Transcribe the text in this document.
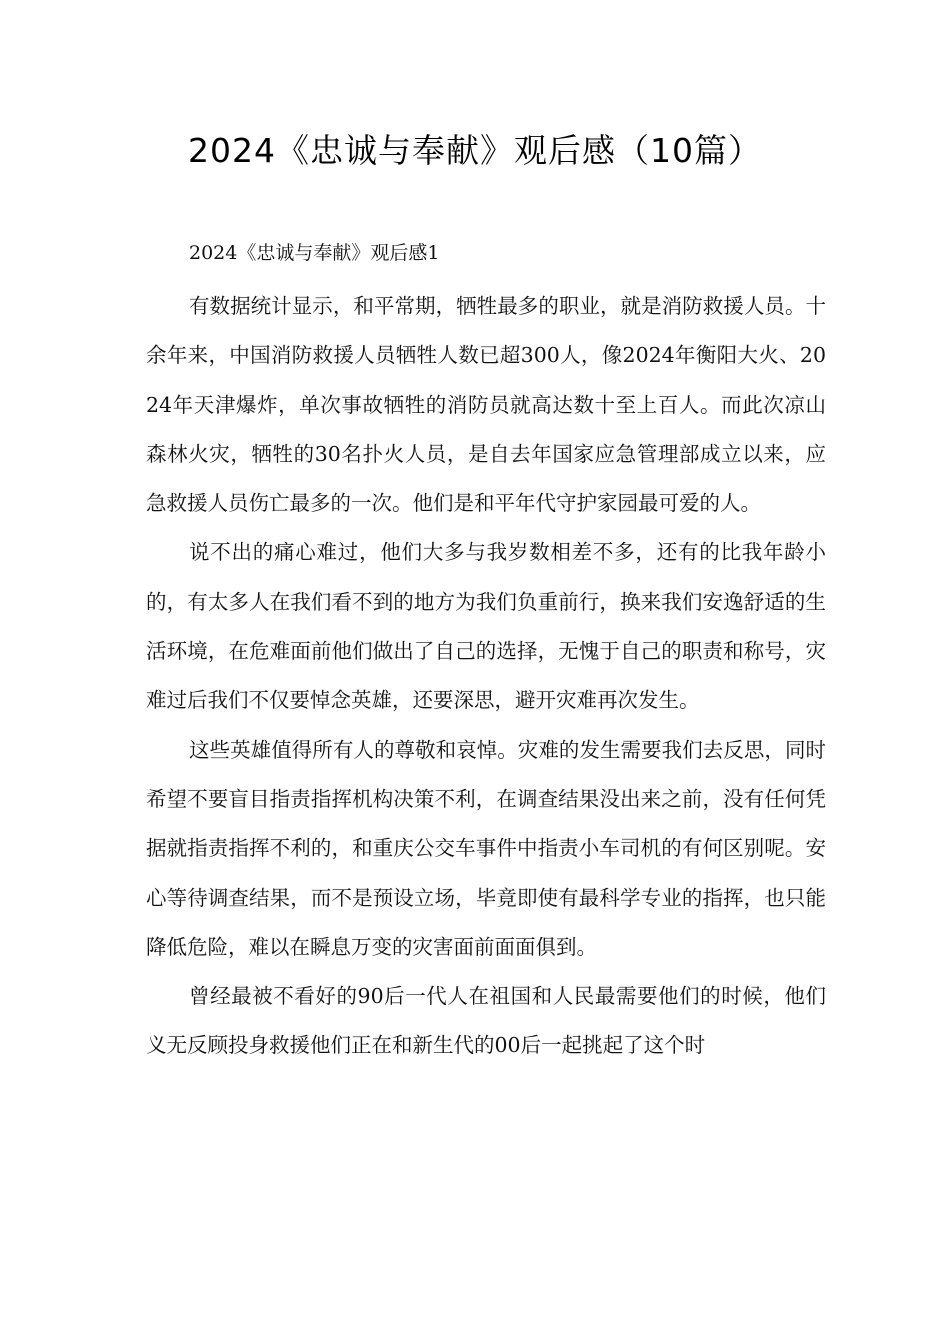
2024《忠诚与奉献》观后感（10篇）
2024《忠诚与奉献》观后感1

有数据统计显示，和平常期，牺牲最多的职业，就是消防救援人员。十余年来，中国消防救援人员牺牲人数已超300人，像2024年衡阳大火、2024年天津爆炸，单次事故牺牲的消防员就高达数十至上百人。而此次凉山森林火灾，牺牲的30名扑火人员，是自去年国家应急管理部成立以来，应急救援人员伤亡最多的一次。他们是和平年代守护家园最可爱的人。

说不出的痛心难过，他们大多与我岁数相差不多，还有的比我年龄小的，有太多人在我们看不到的地方为我们负重前行，换来我们安逸舒适的生活环境，在危难面前他们做出了自己的选择，无愧于自己的职责和称号，灾难过后我们不仅要悼念英雄，还要深思，避开灾难再次发生。

这些英雄值得所有人的尊敬和哀悼。灾难的发生需要我们去反思，同时希望不要盲目指责指挥机构决策不利，在调查结果没出来之前，没有任何凭据就指责指挥不利的，和重庆公交车事件中指责小车司机的有何区别呢。安心等待调查结果，而不是预设立场，毕竟即使有最科学专业的指挥，也只能降低危险，难以在瞬息万变的灾害面前面面俱到。

曾经最被不看好的90后一代人在祖国和人民最需要他们的时候，他们义无反顾投身救援他们正在和新生代的00后一起挑起了这个时
